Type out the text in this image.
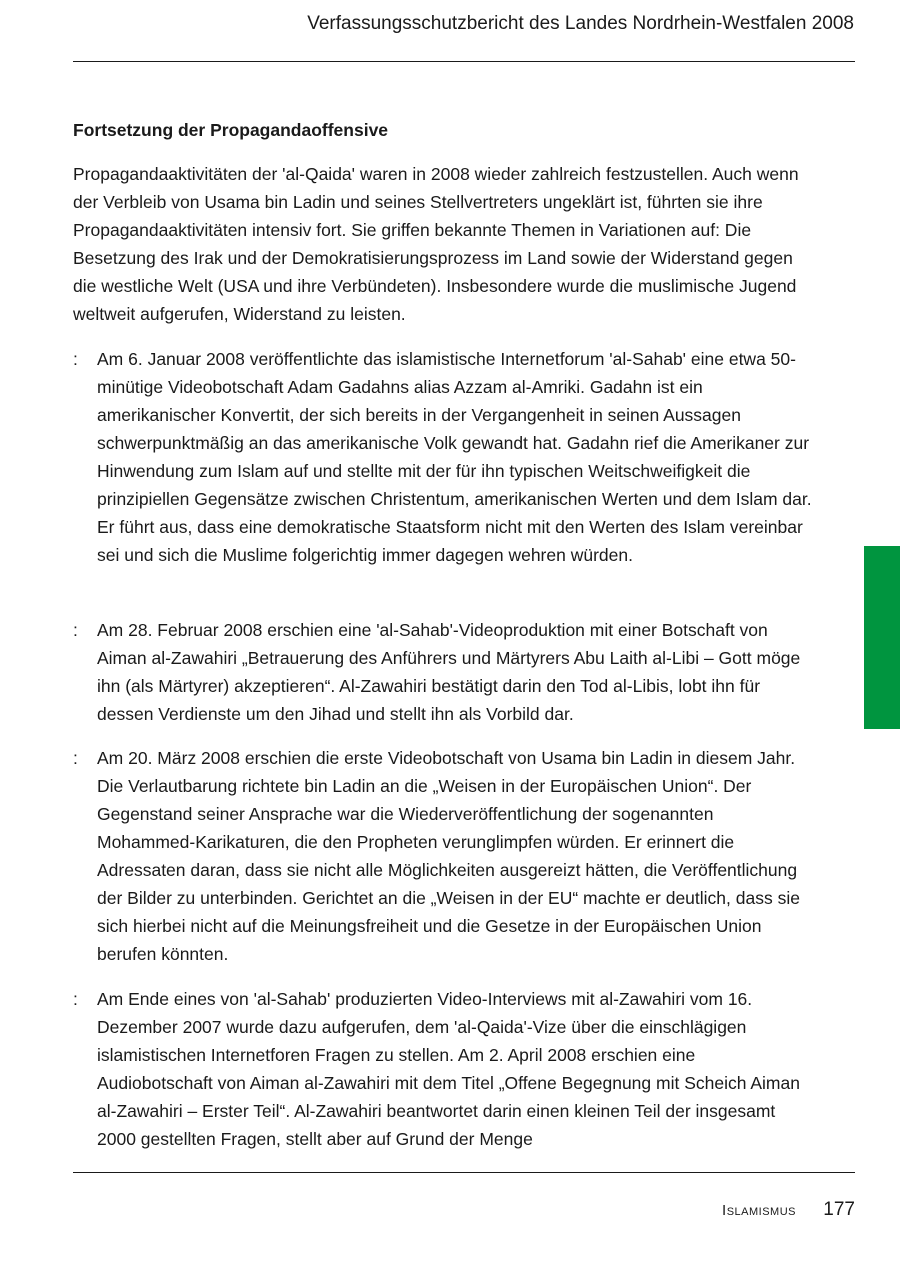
Verfassungsschutzbericht des Landes Nordrhein-Westfalen 2008
Fortsetzung der Propagandaoffensive

Propagandaaktivitäten der 'al-Qaida' waren in 2008 wieder zahlreich festzustellen. Auch wenn der Verbleib von Usama bin Ladin und seines Stellvertreters ungeklärt ist, führten sie ihre Propagandaaktivitäten intensiv fort. Sie griffen bekannte Themen in Variationen auf: Die Besetzung des Irak und der Demokratisierungsprozess im Land sowie der Widerstand gegen die westliche Welt (USA und ihre Verbündeten). Insbesondere wurde die muslimische Jugend weltweit aufgerufen, Widerstand zu leisten.

:	Am 6. Januar 2008 veröffentlichte das islamistische Internetforum 'al-Sahab' eine etwa 50-minütige Videobotschaft Adam Gadahns alias Azzam al-Amriki. Gadahn ist ein amerikanischer Konvertit, der sich bereits in der Vergangenheit in seinen Aussagen schwerpunktmäßig an das amerikanische Volk gewandt hat. Gadahn rief die Amerikaner zur Hinwendung zum Islam auf und stellte mit der für ihn typischen Weitschweifigkeit die prinzipiellen Gegensätze zwischen Christentum, amerikanischen Werten und dem Islam dar. Er führt aus, dass eine demokratische Staatsform nicht mit den Werten des Islam vereinbar sei und sich die Muslime folgerichtig immer dagegen wehren würden.
:	Am 28. Februar 2008 erschien eine 'al-Sahab'-Videoproduktion mit einer Botschaft von Aiman al-Zawahiri „Betrauerung des Anführers und Märtyrers Abu Laith al-Libi – Gott möge ihn (als Märtyrer) akzeptieren“. Al-Zawahiri bestätigt darin den Tod al-Libis, lobt ihn für dessen Verdienste um den Jihad und stellt ihn als Vorbild dar.
:	Am 20. März 2008 erschien die erste Videobotschaft von Usama bin Ladin in diesem Jahr. Die Verlautbarung richtete bin Ladin an die „Weisen in der Europäischen Union“. Der Gegenstand seiner Ansprache war die Wiederveröffentlichung der sogenannten Mohammed-Karikaturen, die den Propheten verunglimpfen würden. Er erinnert die Adressaten daran, dass sie nicht alle Möglichkeiten ausgereizt hätten, die Veröffentlichung der Bilder zu unterbinden. Gerichtet an die „Weisen in der EU“ machte er deutlich, dass sie sich hierbei nicht auf die Meinungsfreiheit und die Gesetze in der Europäischen Union berufen könnten.
:	Am Ende eines von 'al-Sahab' produzierten Video-Interviews mit al-Zawahiri vom 16. Dezember 2007 wurde dazu aufgerufen, dem 'al-Qaida'-Vize über die einschlägigen islamistischen Internetforen Fragen zu stellen. Am 2. April 2008 erschien eine Audiobotschaft von Aiman al-Zawahiri mit dem Titel „Offene Begegnung mit Scheich Aiman al-Zawahiri – Erster Teil“. Al-Zawahiri beantwortet darin einen kleinen Teil der insgesamt 2000 gestellten Fragen, stellt aber auf Grund der Menge
Islamismus 177
